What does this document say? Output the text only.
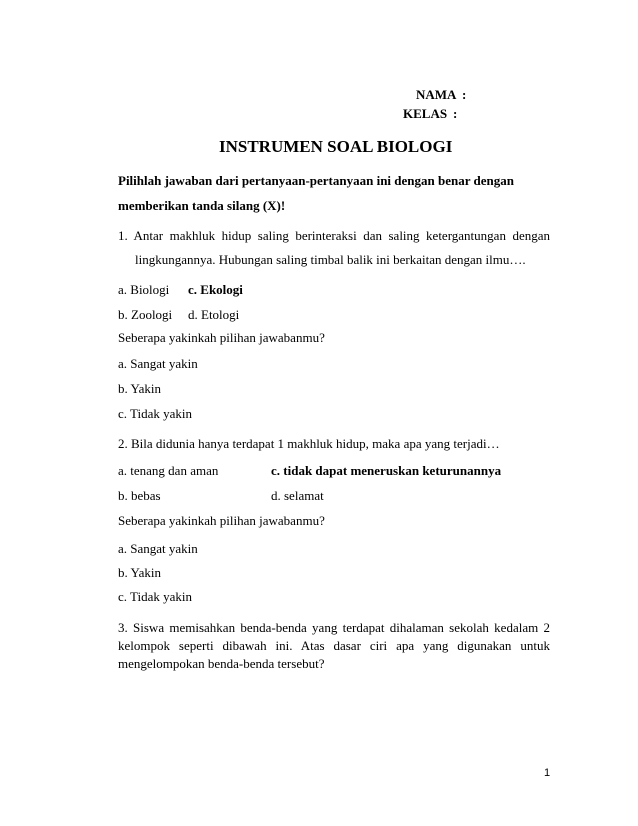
NAMA :
KELAS :
INSTRUMEN SOAL BIOLOGI
Pilihlah jawaban dari pertanyaan-pertanyaan ini dengan benar dengan
memberikan tanda silang (X)!
1. Antar makhluk hidup saling berinteraksi dan saling ketergantungan dengan
lingkungannya. Hubungan saling timbal balik ini berkaitan dengan ilmu….
a. Biologi c. Ekologi
b. Zoologi d. Etologi
Seberapa yakinkah pilihan jawabanmu?
a. Sangat yakin
b. Yakin
c. Tidak yakin
2. Bila didunia hanya terdapat 1 makhluk hidup, maka apa yang terjadi…
a. tenang dan aman	c. tidak dapat meneruskan keturunannya
b. bebas	d. selamat
Seberapa yakinkah pilihan jawabanmu?
a. Sangat yakin
b. Yakin
c. Tidak yakin
3. Siswa memisahkan benda-benda yang terdapat dihalaman sekolah kedalam 2
kelompok seperti dibawah ini. Atas dasar ciri apa yang digunakan untuk
mengelompokan benda-benda tersebut?
1
